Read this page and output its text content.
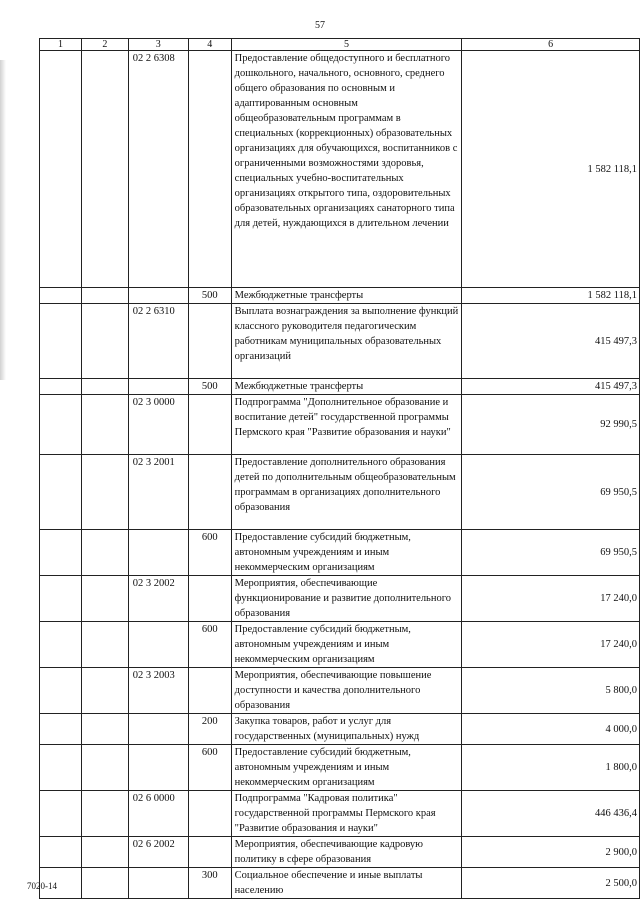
57
1	2	3	4	5	6
		02 2 6308		Предоставление общедоступного и бесплатного дошкольного, начального, основного, среднего общего образования по основным и адаптированным основным общеобразовательным программам в специальных (коррекционных) образовательных организациях для обучающихся, воспитанников с ограниченными возможностями здоровья, специальных учебно-воспитательных организациях открытого типа, оздоровительных образовательных организациях санаторного типа для детей, нуждающихся в длительном лечении	1 582 118,1
			500	Межбюджетные трансферты	1 582 118,1
		02 2 6310		Выплата вознаграждения за выполнение функций классного руководителя педагогическим работникам муниципальных образовательных организаций	415 497,3
			500	Межбюджетные трансферты	415 497,3
		02 3 0000		Подпрограмма "Дополнительное образование и воспитание детей" государственной программы Пермского края "Развитие образования и науки"	92 990,5
		02 3 2001		Предоставление дополнительного образования детей по дополнительным общеобразовательным программам в организациях дополнительного образования	69 950,5
			600	Предоставление субсидий бюджетным, автономным учреждениям и иным некоммерческим организациям	69 950,5
		02 3 2002		Мероприятия, обеспечивающие функционирование и развитие дополнительного образования	17 240,0
			600	Предоставление субсидий бюджетным, автономным учреждениям и иным некоммерческим организациям	17 240,0
		02 3 2003		Мероприятия, обеспечивающие повышение доступности и качества дополнительного образования	5 800,0
			200	Закупка товаров, работ и услуг для государственных (муниципальных) нужд	4 000,0
			600	Предоставление субсидий бюджетным, автономным учреждениям и иным некоммерческим организациям	1 800,0
		02 6 0000		Подпрограмма "Кадровая политика" государственной программы Пермского края "Развитие образования и науки"	446 436,4
		02 6 2002		Мероприятия, обеспечивающие кадровую политику в сфере образования	2 900,0
			300	Социальное обеспечение и иные выплаты населению	2 500,0
7020-14
